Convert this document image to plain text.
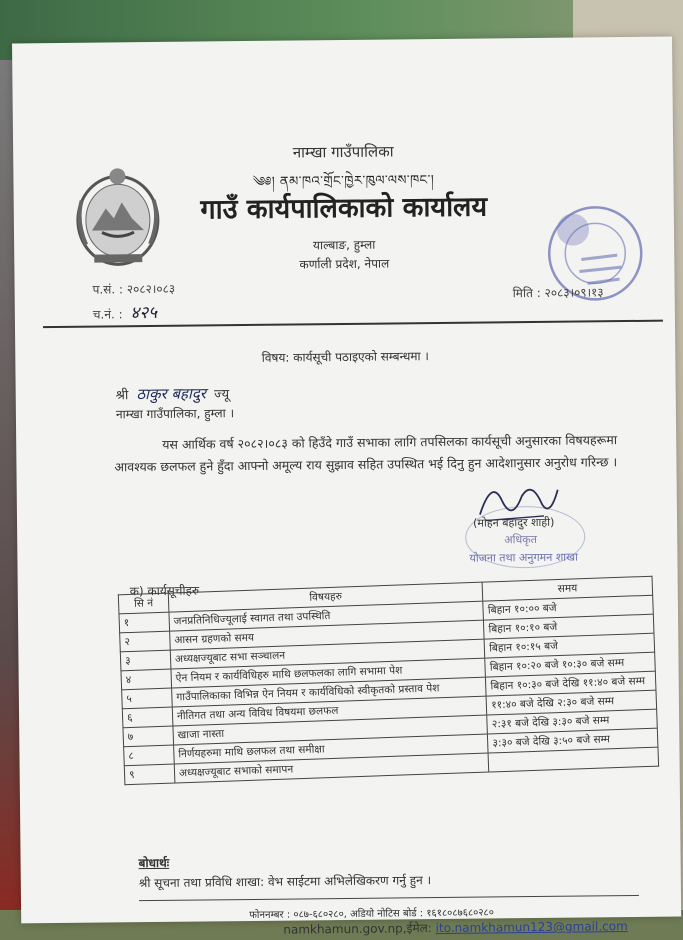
नाम्खा गाउँपालिका
༄༅། ནམ་ཁའ་གྲོང་ཁྱེར་ཁུལ་ལས་ཁང་།
गाउँ कार्यपालिकाको कार्यालय
याल्बाङ, हुम्ला
कर्णाली प्रदेश, नेपाल
प.सं. : २०८२।०८३
च.नं. : ४२५
मिति : २०८३।०९।१३
विषय: कार्यसूची पठाइएको सम्बन्धमा ।
श्री ठाकुर बहादुर ज्यू
नाम्खा गाउँपालिका, हुम्ला ।

यस आर्थिक वर्ष २०८२।०८३ को हिउँदे गाउँ सभाका लागि तपसिलका कार्यसूची अनुसारका विषयहरूमा आवश्यक छलफल हुने हुँदा आफ्नो अमूल्य राय सुझाव सहित उपस्थित भई दिनु हुन आदेशानुसार अनुरोध गरिन्छ ।

(मोहन बहादुर शाही)
अधिकृत
योजना तथा अनुगमन शाखा
क) कार्यसूचीहरु
सि नं	विषयहरु	समय
१	जनप्रतिनिधिज्यूलाई स्वागत तथा उपस्थिति	बिहान १०:०० बजे
२	आसन ग्रहणको समय	बिहान १०:१० बजे
३	अध्यक्षज्यूबाट सभा सञ्चालन	बिहान १०:१५ बजे
४	ऐन नियम र कार्यविधिहरु माथि छलफलका लागि सभामा पेश	बिहान १०:२० बजे १०:३० बजे सम्म
५	गाउँपालिकाका विभिन्न ऐन नियम र कार्यविधिको स्वीकृतको प्रस्ताव पेश	बिहान १०:३० बजे देखि ११:४० बजे सम्म
६	नीतिगत तथा अन्य विविध विषयमा छलफल	११:४० बजे देखि २:३० बजे सम्म
७	खाजा नास्ता	२:३१ बजे देखि ३:३० बजे सम्म
८	निर्णयहरुमा माथि छलफल तथा समीक्षा	३:३० बजे देखि ३:५० बजे सम्म
९	अध्यक्षज्यूबाट सभाको समापन	
बोधार्थः
श्री सूचना तथा प्रविधि शाखा: वेभ साईटमा अभिलेखिकरण गर्नु हुन ।
फोननम्बर : ०८७-६८०२८०, अडियो नोटिस बोर्ड : १६१८०८७६८०२८०
namkhamun.gov.np,ईमेल: ito.namkhamun123@gmail.com
